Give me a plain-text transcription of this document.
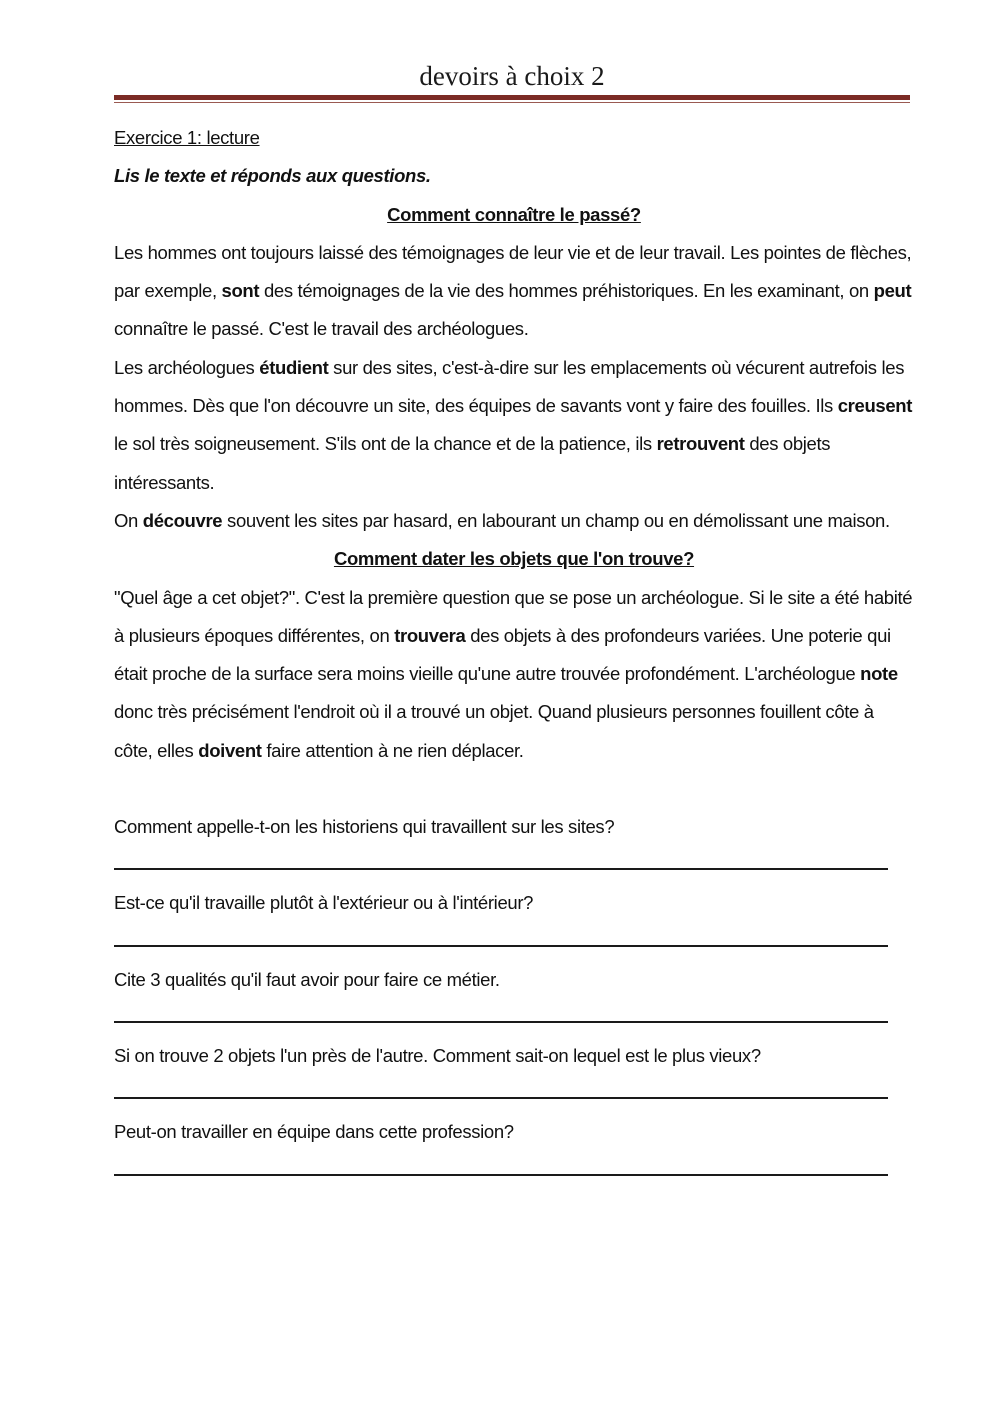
devoirs à choix 2

Exercice 1: lecture

Lis le texte et réponds aux questions.

Comment connaître le passé?

Les hommes ont toujours laissé des témoignages de leur vie et de leur travail. Les pointes de flèches, par exemple, sont des témoignages de la vie des hommes préhistoriques. En les examinant, on peut connaître le passé. C'est le travail des archéologues.

Les archéologues étudient sur des sites, c'est-à-dire sur les emplacements où vécurent autrefois les hommes. Dès que l'on découvre un site, des équipes de savants vont y faire des fouilles. Ils creusent le sol très soigneusement. S'ils ont de la chance et de la patience, ils retrouvent des objets intéressants.

On découvre souvent les sites par hasard, en labourant un champ ou en démolissant une maison.

Comment dater les objets que l'on trouve?

"Quel âge a cet objet?". C'est la première question que se pose un archéologue. Si le site a été habité à plusieurs époques différentes, on trouvera des objets à des profondeurs variées. Une poterie qui était proche de la surface sera moins vieille qu'une autre trouvée profondément. L'archéologue note donc très précisément l'endroit où il a trouvé un objet. Quand plusieurs personnes fouillent côte à côte, elles doivent faire attention à ne rien déplacer.

Comment appelle-t-on les historiens qui travaillent sur les sites?

Est-ce qu'il travaille plutôt à l'extérieur ou à l'intérieur?

Cite 3 qualités qu'il faut avoir pour faire ce métier.

Si on trouve 2 objets l'un près de l'autre. Comment sait-on lequel est le plus vieux?

Peut-on travailler en équipe dans cette profession?
